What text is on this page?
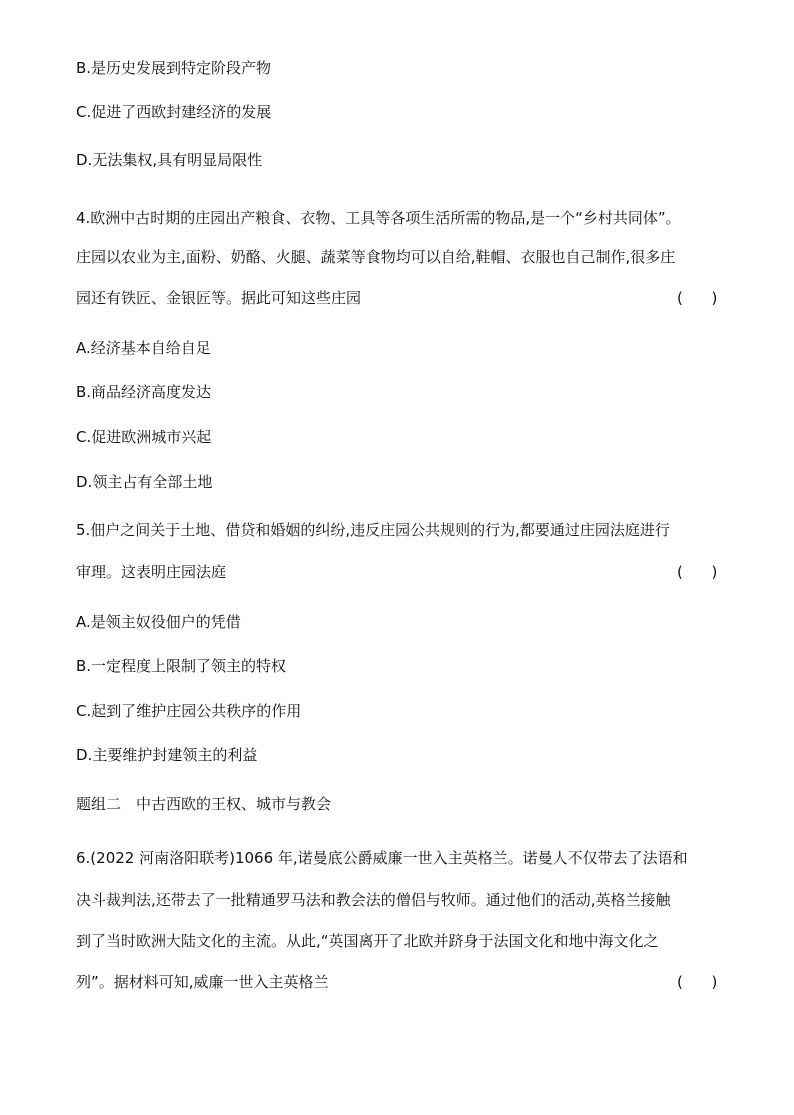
B.是历史发展到特定阶段产物
C.促进了西欧封建经济的发展
D.无法集权,具有明显局限性
4.欧洲中古时期的庄园出产粮食、衣物、工具等各项生活所需的物品,是一个“乡村共同体”。
庄园以农业为主,面粉、奶酪、火腿、蔬菜等食物均可以自给,鞋帽、衣服也自己制作,很多庄
园还有铁匠、金银匠等。据此可知这些庄园	(      )
A.经济基本自给自足
B.商品经济高度发达
C.促进欧洲城市兴起
D.领主占有全部土地
5.佃户之间关于土地、借贷和婚姻的纠纷,违反庄园公共规则的行为,都要通过庄园法庭进行
审理。这表明庄园法庭	(      )
A.是领主奴役佃户的凭借
B.一定程度上限制了领主的特权
C.起到了维护庄园公共秩序的作用
D.主要维护封建领主的利益
题组二　中古西欧的王权、城市与教会
6.(2022 河南洛阳联考)1066 年,诺曼底公爵威廉一世入主英格兰。诺曼人不仅带去了法语和
决斗裁判法,还带去了一批精通罗马法和教会法的僧侣与牧师。通过他们的活动,英格兰接触
到了当时欧洲大陆文化的主流。从此,“英国离开了北欧并跻身于法国文化和地中海文化之
列”。据材料可知,威廉一世入主英格兰	(      )
